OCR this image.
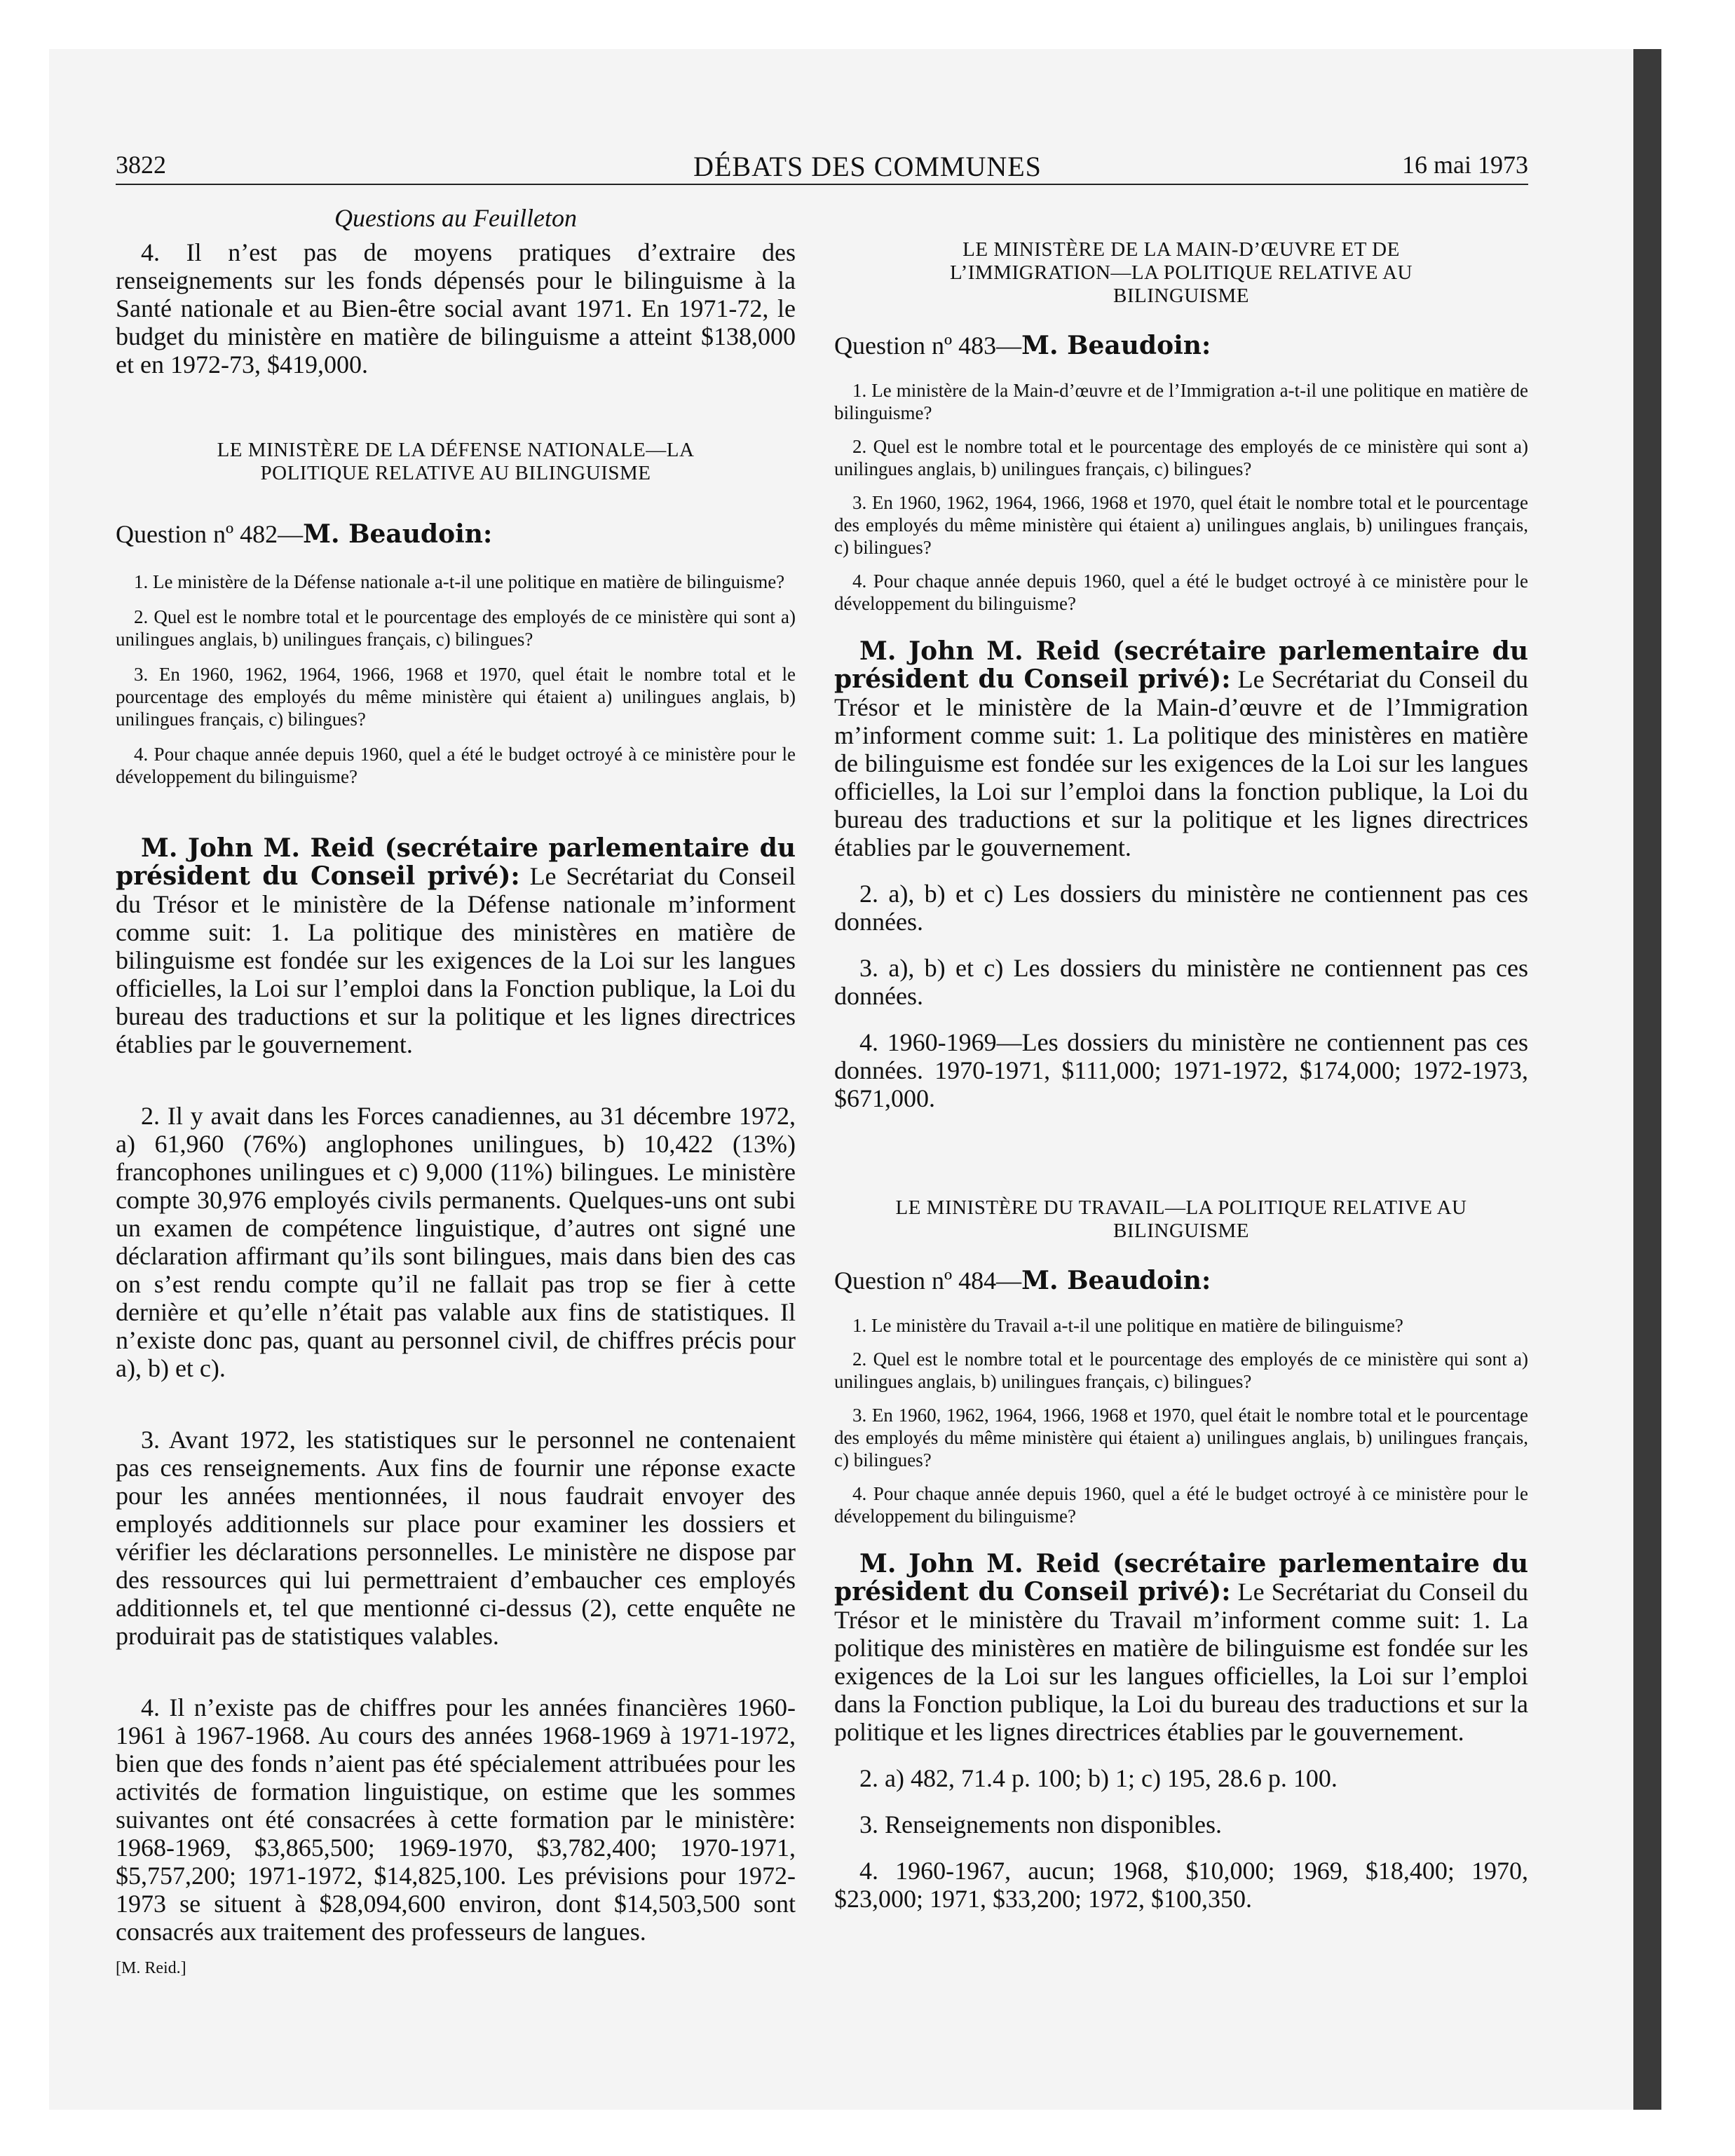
3822	DÉBATS DES COMMUNES	16 mai 1973
Questions au Feuilleton

4. Il n’est pas de moyens pratiques d’extraire des renseignements sur les fonds dépensés pour le bilinguisme à la Santé nationale et au Bien-être social avant 1971. En 1971-72, le budget du ministère en matière de bilinguisme a atteint $138,000 et en 1972-73, $419,000.

LE MINISTÈRE DE LA DÉFENSE NATIONALE—LA
POLITIQUE RELATIVE AU BILINGUISME

Question nº 482—M. Beaudoin:

1. Le ministère de la Défense nationale a-t-il une politique en matière de bilinguisme?

2. Quel est le nombre total et le pourcentage des employés de ce ministère qui sont a) unilingues anglais, b) unilingues français, c) bilingues?

3. En 1960, 1962, 1964, 1966, 1968 et 1970, quel était le nombre total et le pourcentage des employés du même ministère qui étaient a) unilingues anglais, b) unilingues français, c) bilingues?

4. Pour chaque année depuis 1960, quel a été le budget octroyé à ce ministère pour le développement du bilinguisme?

M. John M. Reid (secrétaire parlementaire du président du Conseil privé): Le Secrétariat du Conseil du Trésor et le ministère de la Défense nationale m’informent comme suit: 1. La politique des ministères en matière de bilinguisme est fondée sur les exigences de la Loi sur les langues officielles, la Loi sur l’emploi dans la Fonction publique, la Loi du bureau des traductions et sur la politique et les lignes directrices établies par le gouvernement.

2. Il y avait dans les Forces canadiennes, au 31 décembre 1972, a) 61,960 (76%) anglophones unilingues, b) 10,422 (13%) francophones unilingues et c) 9,000 (11%) bilingues. Le ministère compte 30,976 employés civils permanents. Quelques-uns ont subi un examen de compétence linguistique, d’autres ont signé une déclaration affirmant qu’ils sont bilingues, mais dans bien des cas on s’est rendu compte qu’il ne fallait pas trop se fier à cette dernière et qu’elle n’était pas valable aux fins de statistiques. Il n’existe donc pas, quant au personnel civil, de chiffres précis pour a), b) et c).

3. Avant 1972, les statistiques sur le personnel ne contenaient pas ces renseignements. Aux fins de fournir une réponse exacte pour les années mentionnées, il nous faudrait envoyer des employés additionnels sur place pour examiner les dossiers et vérifier les déclarations personnelles. Le ministère ne dispose par des ressources qui lui permettraient d’embaucher ces employés additionnels et, tel que mentionné ci-dessus (2), cette enquête ne produirait pas de statistiques valables.

4. Il n’existe pas de chiffres pour les années financières 1960-1961 à 1967-1968. Au cours des années 1968-1969 à 1971-1972, bien que des fonds n’aient pas été spécialement attribuées pour les activités de formation linguistique, on estime que les sommes suivantes ont été consacrées à cette formation par le ministère: 1968-1969, $3,865,500; 1969-1970, $3,782,400; 1970-1971, $5,757,200; 1971-1972, $14,825,100. Les prévisions pour 1972-1973 se situent à $28,094,600 environ, dont $14,503,500 sont consacrés aux traitement des professeurs de langues.

[M. Reid.]

LE MINISTÈRE DE LA MAIN-D’ŒUVRE ET DE
L’IMMIGRATION—LA POLITIQUE RELATIVE AU
BILINGUISME

Question nº 483—M. Beaudoin:

1. Le ministère de la Main-d’œuvre et de l’Immigration a-t-il une politique en matière de bilinguisme?

2. Quel est le nombre total et le pourcentage des employés de ce ministère qui sont a) unilingues anglais, b) unilingues français, c) bilingues?

3. En 1960, 1962, 1964, 1966, 1968 et 1970, quel était le nombre total et le pourcentage des employés du même ministère qui étaient a) unilingues anglais, b) unilingues français, c) bilingues?

4. Pour chaque année depuis 1960, quel a été le budget octroyé à ce ministère pour le développement du bilinguisme?

M. John M. Reid (secrétaire parlementaire du président du Conseil privé): Le Secrétariat du Conseil du Trésor et le ministère de la Main-d’œuvre et de l’Immigration m’informent comme suit: 1. La politique des ministères en matière de bilinguisme est fondée sur les exigences de la Loi sur les langues officielles, la Loi sur l’emploi dans la fonction publique, la Loi du bureau des traductions et sur la politique et les lignes directrices établies par le gouvernement.

2. a), b) et c) Les dossiers du ministère ne contiennent pas ces données.

3. a), b) et c) Les dossiers du ministère ne contiennent pas ces données.

4. 1960-1969—Les dossiers du ministère ne contiennent pas ces données. 1970-1971, $111,000; 1971-1972, $174,000; 1972-1973, $671,000.

LE MINISTÈRE DU TRAVAIL—LA POLITIQUE RELATIVE AU
BILINGUISME

Question nº 484—M. Beaudoin:

1. Le ministère du Travail a-t-il une politique en matière de bilinguisme?

2. Quel est le nombre total et le pourcentage des employés de ce ministère qui sont a) unilingues anglais, b) unilingues français, c) bilingues?

3. En 1960, 1962, 1964, 1966, 1968 et 1970, quel était le nombre total et le pourcentage des employés du même ministère qui étaient a) unilingues anglais, b) unilingues français, c) bilingues?

4. Pour chaque année depuis 1960, quel a été le budget octroyé à ce ministère pour le développement du bilinguisme?

M. John M. Reid (secrétaire parlementaire du président du Conseil privé): Le Secrétariat du Conseil du Trésor et le ministère du Travail m’informent comme suit: 1. La politique des ministères en matière de bilinguisme est fondée sur les exigences de la Loi sur les langues officielles, la Loi sur l’emploi dans la Fonction publique, la Loi du bureau des traductions et sur la politique et les lignes directrices établies par le gouvernement.

2. a) 482, 71.4 p. 100; b) 1; c) 195, 28.6 p. 100.

3. Renseignements non disponibles.

4. 1960-1967, aucun; 1968, $10,000; 1969, $18,400; 1970, $23,000; 1971, $33,200; 1972, $100,350.
